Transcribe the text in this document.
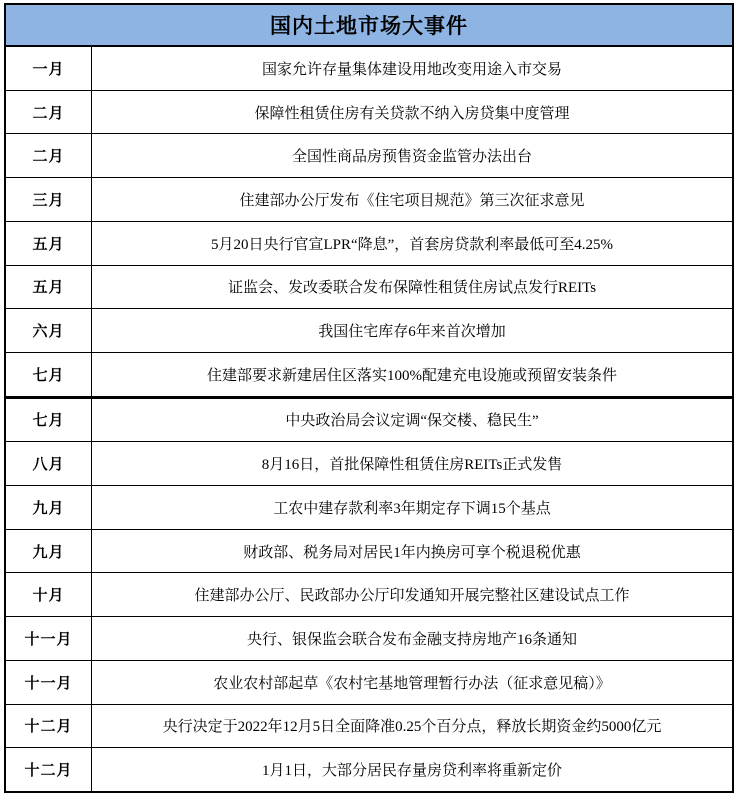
国内土地市场大事件
一月	国家允许存量集体建设用地改变用途入市交易
二月	保障性租赁住房有关贷款不纳入房贷集中度管理
二月	全国性商品房预售资金监管办法出台
三月	住建部办公厅发布《住宅项目规范》第三次征求意见
五月	5月20日央行官宣LPR“降息”，首套房贷款利率最低可至4.25%
五月	证监会、发改委联合发布保障性租赁住房试点发行REITs
六月	我国住宅库存6年来首次增加
七月	住建部要求新建居住区落实100%配建充电设施或预留安装条件
七月	中央政治局会议定调“保交楼、稳民生”
八月	8月16日，首批保障性租赁住房REITs正式发售
九月	工农中建存款利率3年期定存下调15个基点
九月	财政部、税务局对居民1年内换房可享个税退税优惠
十月	住建部办公厅、民政部办公厅印发通知开展完整社区建设试点工作
十一月	央行、银保监会联合发布金融支持房地产16条通知
十一月	农业农村部起草《农村宅基地管理暂行办法（征求意见稿）》
十二月	央行决定于2022年12月5日全面降准0.25个百分点，释放长期资金约5000亿元
十二月	1月1日，大部分居民存量房贷利率将重新定价
